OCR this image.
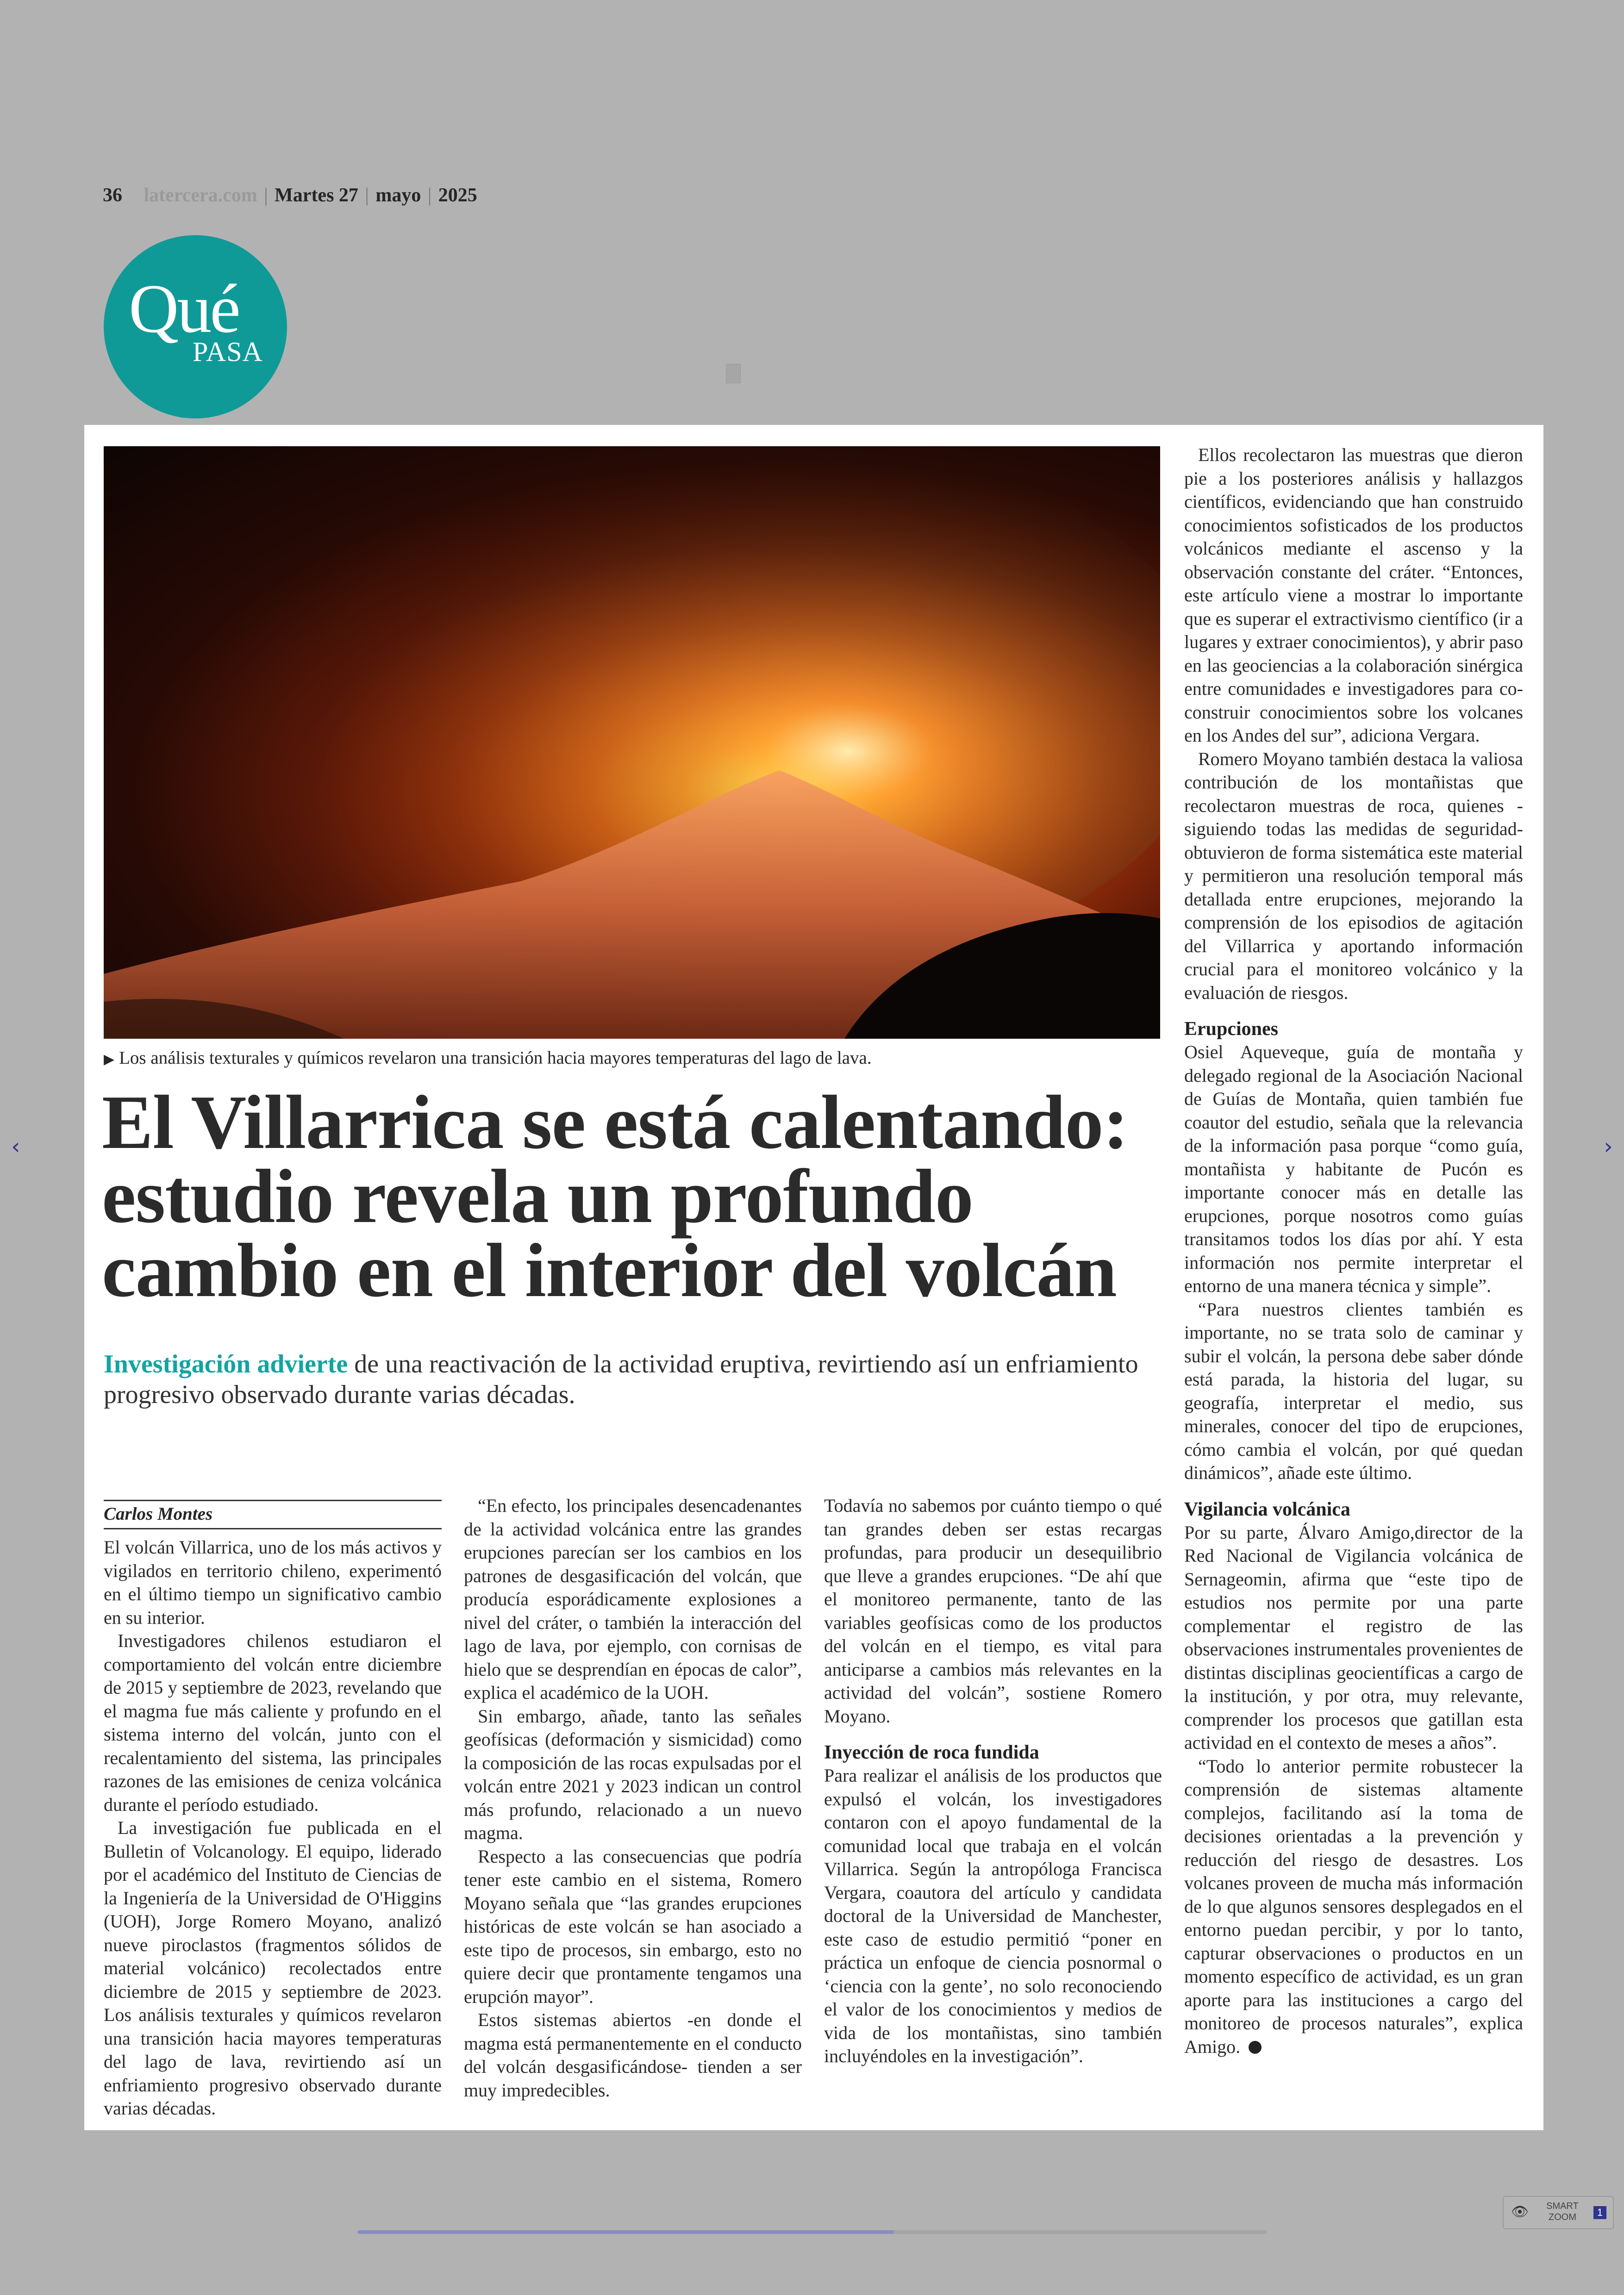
‹	›
36 latercera.com | Martes 27 | mayo | 2025
Qué
PASA
▶ Los análisis texturales y químicos revelaron una transición hacia mayores temperaturas del lago de lava.
El Villarrica se está calentando: estudio revela un profundo cambio en el interior del volcán
Investigación advierte de una reactivación de la actividad eruptiva, revirtiendo así un enfriamiento progresivo observado durante varias décadas.
Carlos Montes

El volcán Villarrica, uno de los más activos y vigilados en territorio chileno, experimentó en el último tiempo un significativo cambio en su interior.

Investigadores chilenos estudiaron el comportamiento del volcán entre diciembre de 2015 y septiembre de 2023, revelando que el magma fue más caliente y profundo en el sistema interno del volcán, junto con el recalentamiento del sistema, las principales razones de las emisiones de ceniza volcánica durante el período estudiado.

La investigación fue publicada en el Bulletin of Volcanology. El equipo, liderado por el académico del Instituto de Ciencias de la Ingeniería de la Universidad de O'Higgins (UOH), Jorge Romero Moyano, analizó nueve piroclastos (fragmentos sólidos de material volcánico) recolectados entre diciembre de 2015 y septiembre de 2023. Los análisis texturales y químicos revelaron una transición hacia mayores temperaturas del lago de lava, revirtiendo así un enfriamiento progresivo observado durante varias décadas.

“En efecto, los principales desencadenantes de la actividad volcánica entre las grandes erupciones parecían ser los cambios en los patrones de desgasificación del volcán, que producía esporádicamente explosiones a nivel del cráter, o también la interacción del lago de lava, por ejemplo, con cornisas de hielo que se desprendían en épocas de calor”, explica el académico de la UOH.

Sin embargo, añade, tanto las señales geofísicas (deformación y sismicidad) como la composición de las rocas expulsadas por el volcán entre 2021 y 2023 indican un control más profundo, relacionado a un nuevo magma.

Respecto a las consecuencias que podría tener este cambio en el sistema, Romero Moyano señala que “las grandes erupciones históricas de este volcán se han asociado a este tipo de procesos, sin embargo, esto no quiere decir que prontamente tengamos una erupción mayor”.

Estos sistemas abiertos -en donde el magma está permanentemente en el conducto del volcán desgasificándose- tienden a ser muy impredecibles.

Todavía no sabemos por cuánto tiempo o qué tan grandes deben ser estas recargas profundas, para producir un desequilibrio que lleve a grandes erupciones. “De ahí que el monitoreo permanente, tanto de las variables geofísicas como de los productos del volcán en el tiempo, es vital para anticiparse a cambios más relevantes en la actividad del volcán”, sostiene Romero Moyano.

Inyección de roca fundida

Para realizar el análisis de los productos que expulsó el volcán, los investigadores contaron con el apoyo fundamental de la comunidad local que trabaja en el volcán Villarrica. Según la antropóloga Francisca Vergara, coautora del artículo y candidata doctoral de la Universidad de Manchester, este caso de estudio permitió “poner en práctica un enfoque de ciencia posnormal o ‘ciencia con la gente’, no solo reconociendo el valor de los conocimientos y medios de vida de los montañistas, sino también incluyéndoles en la investigación”.

Ellos recolectaron las muestras que dieron pie a los posteriores análisis y hallazgos científicos, evidenciando que han construido conocimientos sofisticados de los productos volcánicos mediante el ascenso y la observación constante del cráter. “Entonces, este artículo viene a mostrar lo importante que es superar el extractivismo científico (ir a lugares y extraer conocimientos), y abrir paso en las geociencias a la colaboración sinérgica entre comunidades e investigadores para co-construir conocimientos sobre los volcanes en los Andes del sur”, adiciona Vergara.

Romero Moyano también destaca la valiosa contribución de los montañistas que recolectaron muestras de roca, quienes -siguiendo todas las medidas de seguridad- obtuvieron de forma sistemática este material y permitieron una resolución temporal más detallada entre erupciones, mejorando la comprensión de los episodios de agitación del Villarrica y aportando información crucial para el monitoreo volcánico y la evaluación de riesgos.

Erupciones

Osiel Aqueveque, guía de montaña y delegado regional de la Asociación Nacional de Guías de Montaña, quien también fue coautor del estudio, señala que la relevancia de la información pasa porque “como guía, montañista y habitante de Pucón es importante conocer más en detalle las erupciones, porque nosotros como guías transitamos todos los días por ahí. Y esta información nos permite interpretar el entorno de una manera técnica y simple”.

“Para nuestros clientes también es importante, no se trata solo de caminar y subir el volcán, la persona debe saber dónde está parada, la historia del lugar, su geografía, interpretar el medio, sus minerales, conocer del tipo de erupciones, cómo cambia el volcán, por qué quedan dinámicos”, añade este último.

Vigilancia volcánica

Por su parte, Álvaro Amigo,director de la Red Nacional de Vigilancia volcánica de Sernageomin, afirma que “este tipo de estudios nos permite por una parte complementar el registro de las observaciones instrumentales provenientes de distintas disciplinas geocientíficas a cargo de la institución, y por otra, muy relevante, comprender los procesos que gatillan esta actividad en el contexto de meses a años”.

“Todo lo anterior permite robustecer la comprensión de sistemas altamente complejos, facilitando así la toma de decisiones orientadas a la prevención y reducción del riesgo de desastres. Los volcanes proveen de mucha más información de lo que algunos sensores desplegados en el entorno puedan percibir, y por lo tanto, capturar observaciones o productos en un momento específico de actividad, es un gran aporte para las instituciones a cargo del monitoreo de procesos naturales”, explica Amigo.

👁	SMART
ZOOM	1
